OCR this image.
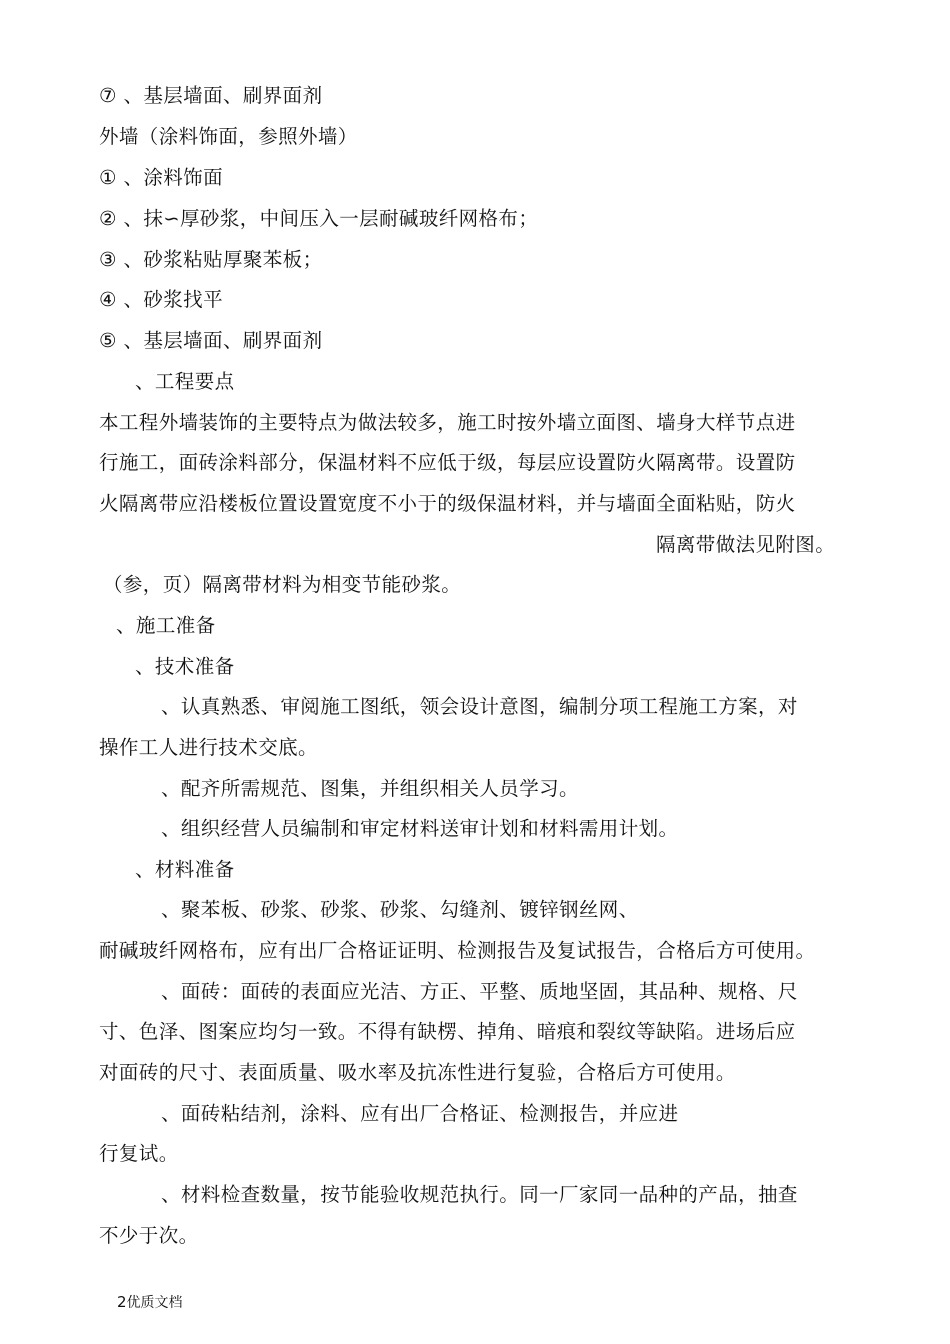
⑦ 、基层墙面、刷界面剂
外墙（涂料饰面，参照外墙）
① 、涂料饰面
② 、抹∽厚砂浆，中间压入一层耐碱玻纤网格布；
③ 、砂浆粘贴厚聚苯板；
④ 、砂浆找平
⑤ 、基层墙面、刷界面剂
、工程要点
本工程外墙装饰的主要特点为做法较多，施工时按外墙立面图、墙身大样节点进
行施工，面砖涂料部分，保温材料不应低于级，每层应设置防火隔离带。设置防
火隔离带应沿楼板位置设置宽度不小于的级保温材料，并与墙面全面粘贴，防火
隔离带做法见附图。
（参，页）隔离带材料为相变节能砂浆。
、施工准备
、技术准备
、认真熟悉、审阅施工图纸，领会设计意图，编制分项工程施工方案，对
操作工人进行技术交底。
、配齐所需规范、图集，并组织相关人员学习。
、组织经营人员编制和审定材料送审计划和材料需用计划。
、材料准备
、聚苯板、砂浆、砂浆、砂浆、勾缝剂、镀锌钢丝网、
耐碱玻纤网格布，应有出厂合格证证明、检测报告及复试报告，合格后方可使用。
、面砖：面砖的表面应光洁、方正、平整、质地坚固，其品种、规格、尺
寸、色泽、图案应均匀一致。不得有缺楞、掉角、暗痕和裂纹等缺陷。进场后应
对面砖的尺寸、表面质量、吸水率及抗冻性进行复验，合格后方可使用。
、面砖粘结剂，涂料、应有出厂合格证、检测报告，并应进
行复试。
、材料检查数量，按节能验收规范执行。同一厂家同一品种的产品，抽查
不少于次。
2优质文档
